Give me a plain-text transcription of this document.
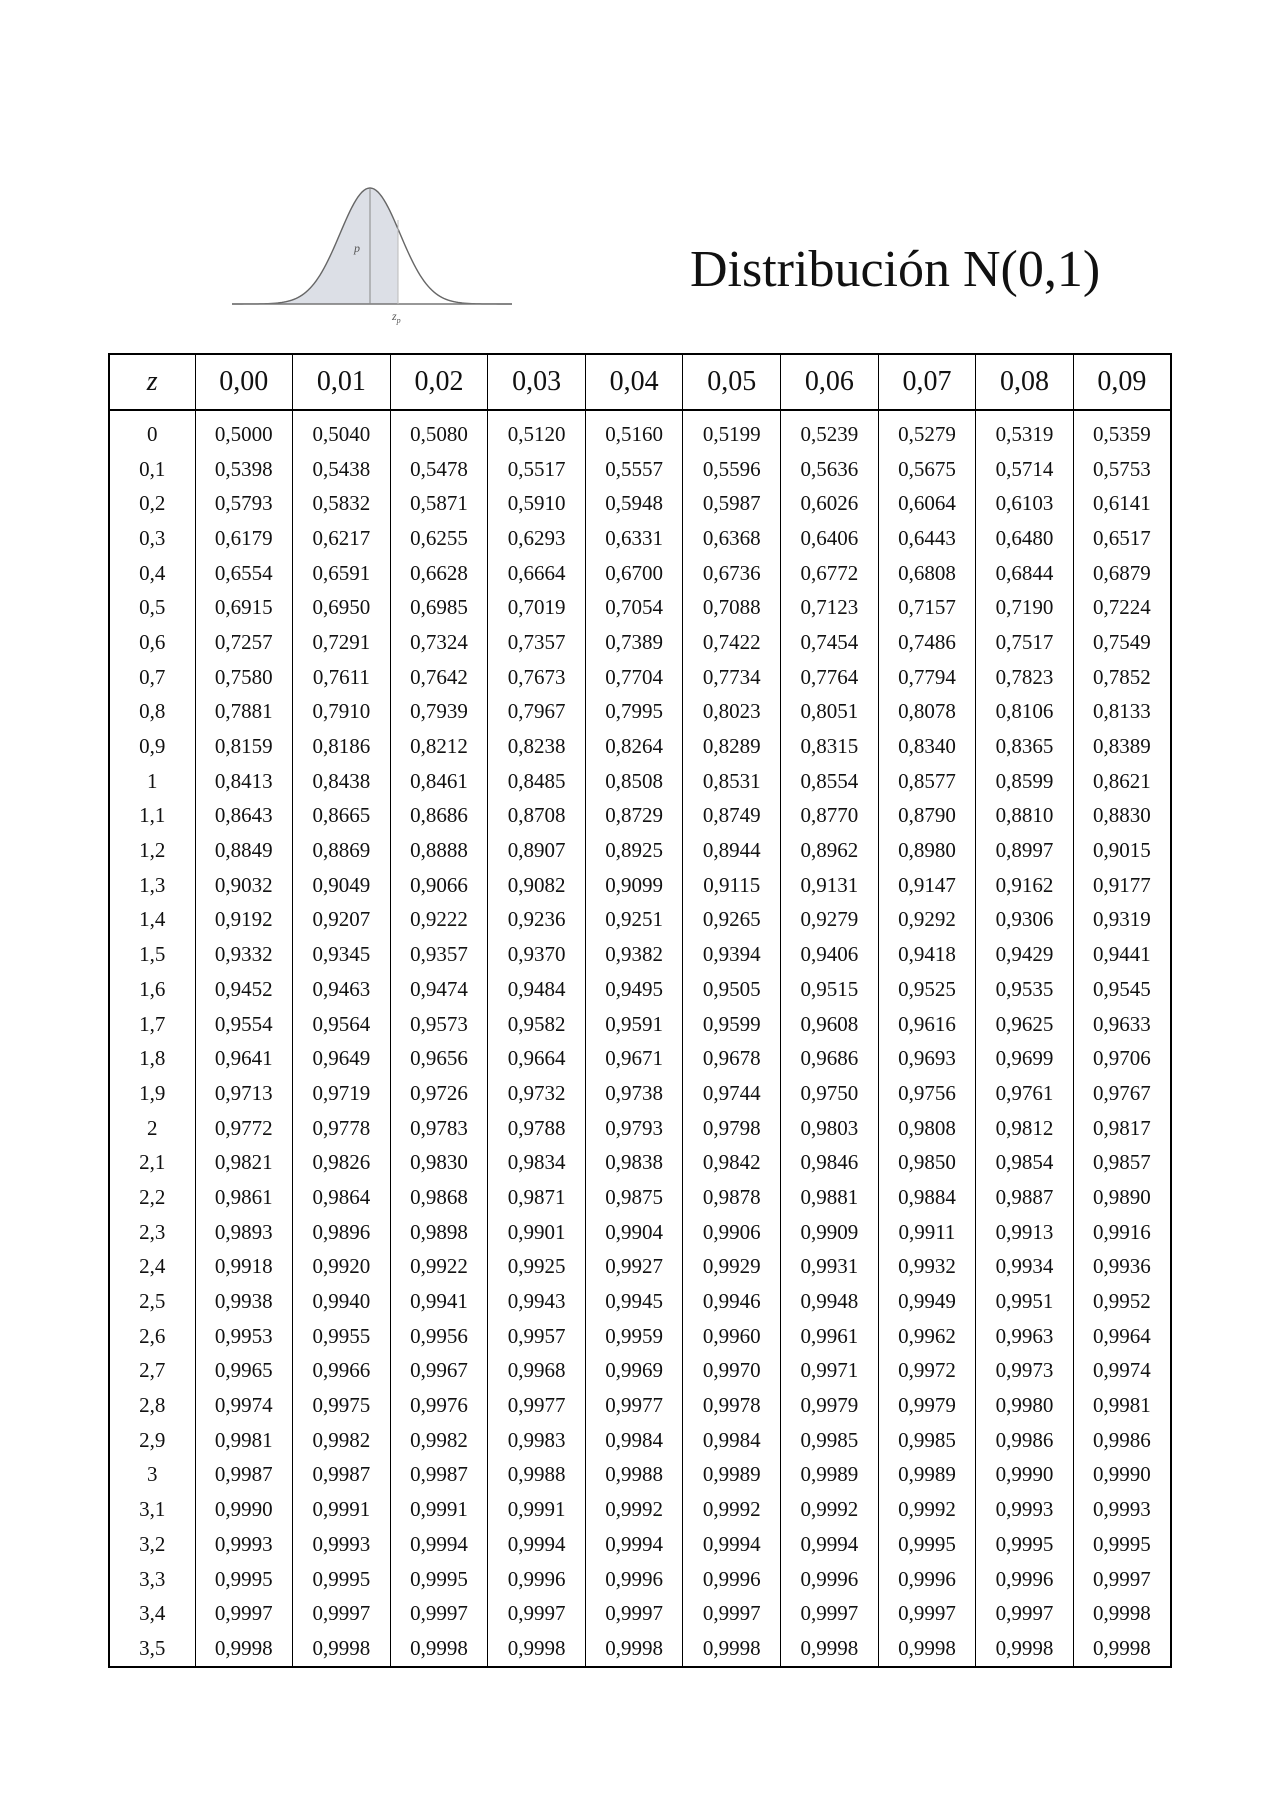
p
$z_p$
Distribución N(0,1)
z	0,00	0,01	0,02	0,03	0,04	0,05	0,06	0,07	0,08	0,09
0	0,5000	0,5040	0,5080	0,5120	0,5160	0,5199	0,5239	0,5279	0,5319	0,5359
0,1	0,5398	0,5438	0,5478	0,5517	0,5557	0,5596	0,5636	0,5675	0,5714	0,5753
0,2	0,5793	0,5832	0,5871	0,5910	0,5948	0,5987	0,6026	0,6064	0,6103	0,6141
0,3	0,6179	0,6217	0,6255	0,6293	0,6331	0,6368	0,6406	0,6443	0,6480	0,6517
0,4	0,6554	0,6591	0,6628	0,6664	0,6700	0,6736	0,6772	0,6808	0,6844	0,6879
0,5	0,6915	0,6950	0,6985	0,7019	0,7054	0,7088	0,7123	0,7157	0,7190	0,7224
0,6	0,7257	0,7291	0,7324	0,7357	0,7389	0,7422	0,7454	0,7486	0,7517	0,7549
0,7	0,7580	0,7611	0,7642	0,7673	0,7704	0,7734	0,7764	0,7794	0,7823	0,7852
0,8	0,7881	0,7910	0,7939	0,7967	0,7995	0,8023	0,8051	0,8078	0,8106	0,8133
0,9	0,8159	0,8186	0,8212	0,8238	0,8264	0,8289	0,8315	0,8340	0,8365	0,8389
1	0,8413	0,8438	0,8461	0,8485	0,8508	0,8531	0,8554	0,8577	0,8599	0,8621
1,1	0,8643	0,8665	0,8686	0,8708	0,8729	0,8749	0,8770	0,8790	0,8810	0,8830
1,2	0,8849	0,8869	0,8888	0,8907	0,8925	0,8944	0,8962	0,8980	0,8997	0,9015
1,3	0,9032	0,9049	0,9066	0,9082	0,9099	0,9115	0,9131	0,9147	0,9162	0,9177
1,4	0,9192	0,9207	0,9222	0,9236	0,9251	0,9265	0,9279	0,9292	0,9306	0,9319
1,5	0,9332	0,9345	0,9357	0,9370	0,9382	0,9394	0,9406	0,9418	0,9429	0,9441
1,6	0,9452	0,9463	0,9474	0,9484	0,9495	0,9505	0,9515	0,9525	0,9535	0,9545
1,7	0,9554	0,9564	0,9573	0,9582	0,9591	0,9599	0,9608	0,9616	0,9625	0,9633
1,8	0,9641	0,9649	0,9656	0,9664	0,9671	0,9678	0,9686	0,9693	0,9699	0,9706
1,9	0,9713	0,9719	0,9726	0,9732	0,9738	0,9744	0,9750	0,9756	0,9761	0,9767
2	0,9772	0,9778	0,9783	0,9788	0,9793	0,9798	0,9803	0,9808	0,9812	0,9817
2,1	0,9821	0,9826	0,9830	0,9834	0,9838	0,9842	0,9846	0,9850	0,9854	0,9857
2,2	0,9861	0,9864	0,9868	0,9871	0,9875	0,9878	0,9881	0,9884	0,9887	0,9890
2,3	0,9893	0,9896	0,9898	0,9901	0,9904	0,9906	0,9909	0,9911	0,9913	0,9916
2,4	0,9918	0,9920	0,9922	0,9925	0,9927	0,9929	0,9931	0,9932	0,9934	0,9936
2,5	0,9938	0,9940	0,9941	0,9943	0,9945	0,9946	0,9948	0,9949	0,9951	0,9952
2,6	0,9953	0,9955	0,9956	0,9957	0,9959	0,9960	0,9961	0,9962	0,9963	0,9964
2,7	0,9965	0,9966	0,9967	0,9968	0,9969	0,9970	0,9971	0,9972	0,9973	0,9974
2,8	0,9974	0,9975	0,9976	0,9977	0,9977	0,9978	0,9979	0,9979	0,9980	0,9981
2,9	0,9981	0,9982	0,9982	0,9983	0,9984	0,9984	0,9985	0,9985	0,9986	0,9986
3	0,9987	0,9987	0,9987	0,9988	0,9988	0,9989	0,9989	0,9989	0,9990	0,9990
3,1	0,9990	0,9991	0,9991	0,9991	0,9992	0,9992	0,9992	0,9992	0,9993	0,9993
3,2	0,9993	0,9993	0,9994	0,9994	0,9994	0,9994	0,9994	0,9995	0,9995	0,9995
3,3	0,9995	0,9995	0,9995	0,9996	0,9996	0,9996	0,9996	0,9996	0,9996	0,9997
3,4	0,9997	0,9997	0,9997	0,9997	0,9997	0,9997	0,9997	0,9997	0,9997	0,9998
3,5	0,9998	0,9998	0,9998	0,9998	0,9998	0,9998	0,9998	0,9998	0,9998	0,9998
